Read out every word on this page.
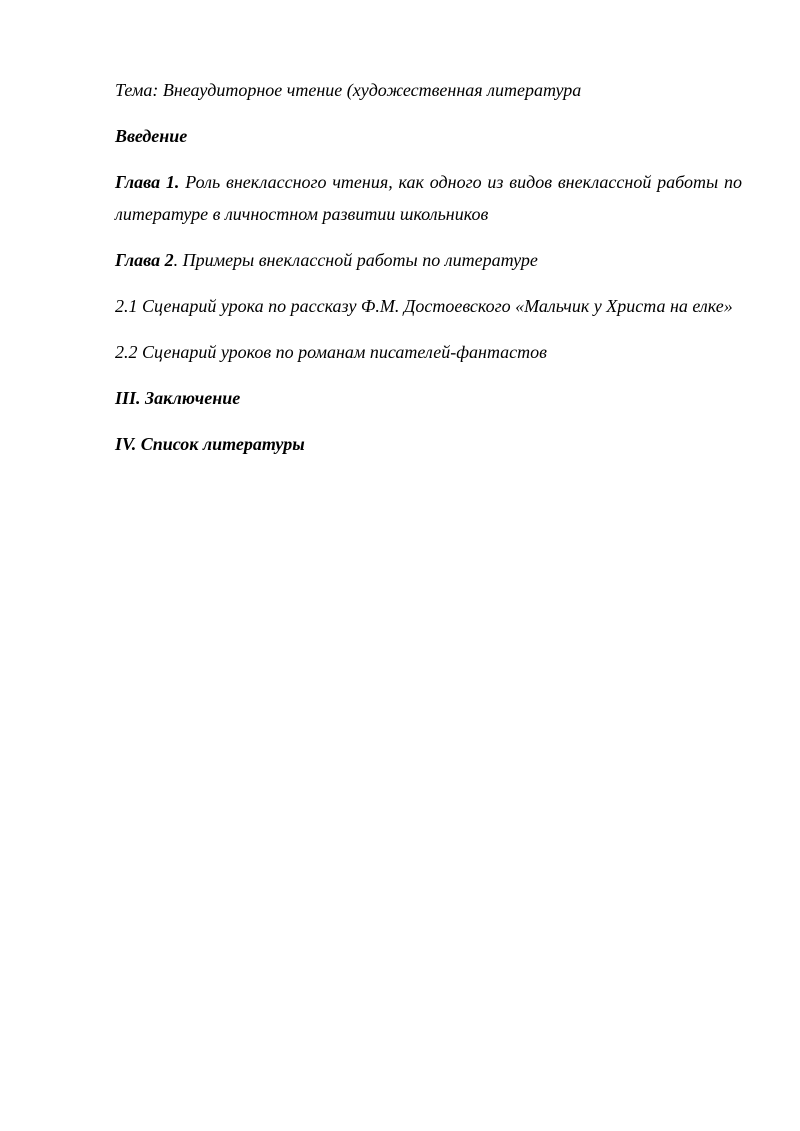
Тема: Внеаудиторное чтение (художественная литература

Введение

Глава 1. Роль внеклассного чтения, как одного из видов внеклассной работы по литературе в личностном развитии школьников

Глава 2. Примеры внеклассной работы по литературе

2.1 Сценарий урока по рассказу Ф.М. Достоевского «Мальчик у Христа на елке»

2.2 Сценарий уроков по романам писателей-фантастов

III. Заключение

IV. Список литературы
